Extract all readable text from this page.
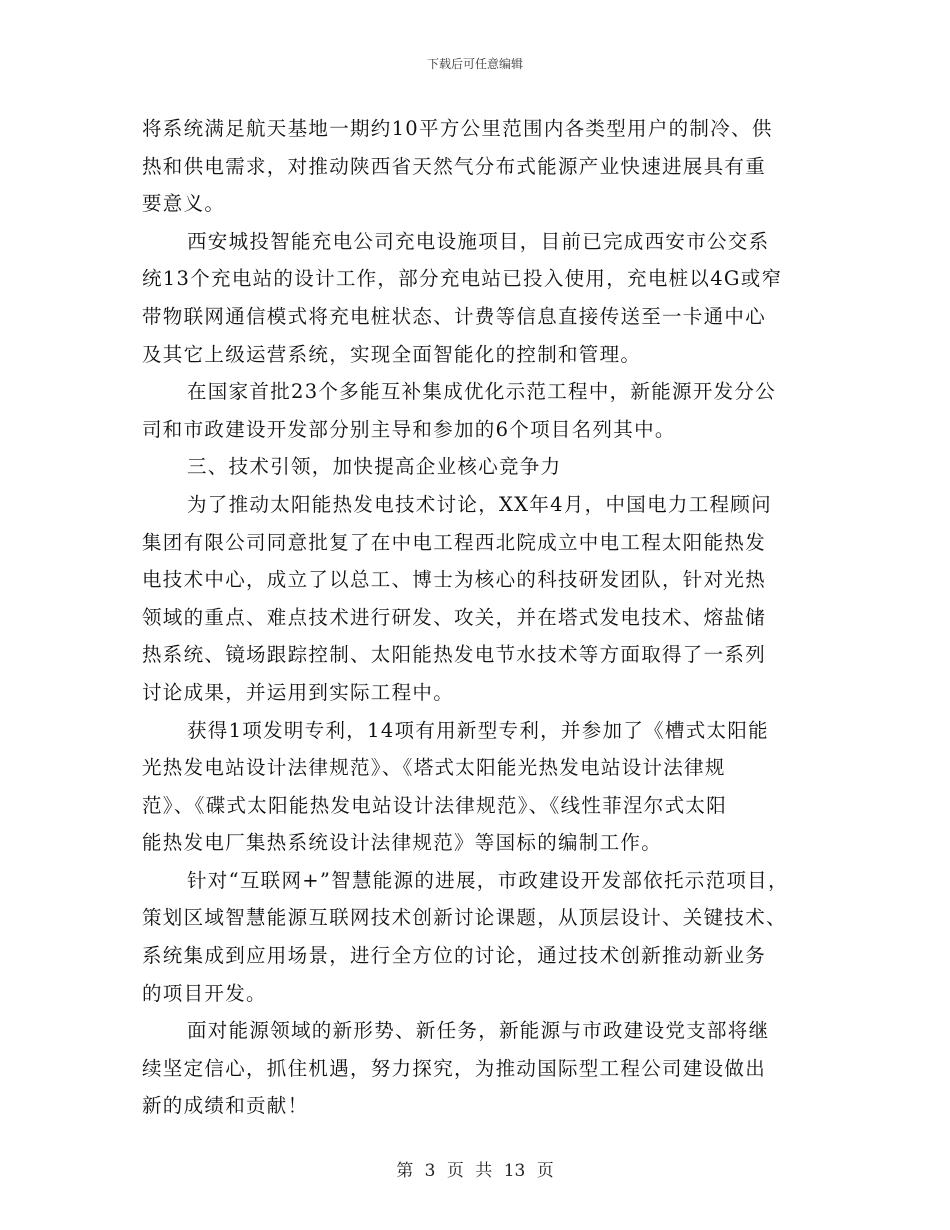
下载后可任意编辑
将系统满足航天基地一期约10平方公里范围内各类型用户的制冷、供
热和供电需求，对推动陕西省天然气分布式能源产业快速进展具有重
要意义。
西安城投智能充电公司充电设施项目，目前已完成西安市公交系
统13个充电站的设计工作，部分充电站已投入使用，充电桩以4G或窄
带物联网通信模式将充电桩状态、计费等信息直接传送至一卡通中心
及其它上级运营系统，实现全面智能化的控制和管理。
在国家首批23个多能互补集成优化示范工程中，新能源开发分公
司和市政建设开发部分别主导和参加的6个项目名列其中。
三、技术引领，加快提高企业核心竞争力
为了推动太阳能热发电技术讨论，XX年4月，中国电力工程顾问
集团有限公司同意批复了在中电工程西北院成立中电工程太阳能热发
电技术中心，成立了以总工、博士为核心的科技研发团队，针对光热
领域的重点、难点技术进行研发、攻关，并在塔式发电技术、熔盐储
热系统、镜场跟踪控制、太阳能热发电节水技术等方面取得了一系列
讨论成果，并运用到实际工程中。
获得1项发明专利，14项有用新型专利，并参加了《槽式太阳能
光热发电站设计法律规范》、《塔式太阳能光热发电站设计法律规
范》、《碟式太阳能热发电站设计法律规范》、《线性菲涅尔式太阳
能热发电厂集热系统设计法律规范》等国标的编制工作。
针对“互联网+”智慧能源的进展，市政建设开发部依托示范项目，
策划区域智慧能源互联网技术创新讨论课题，从顶层设计、关键技术、
系统集成到应用场景，进行全方位的讨论，通过技术创新推动新业务
的项目开发。
面对能源领域的新形势、新任务，新能源与市政建设党支部将继
续坚定信心，抓住机遇，努力探究，为推动国际型工程公司建设做出
新的成绩和贡献！
第 3 页 共 13 页
